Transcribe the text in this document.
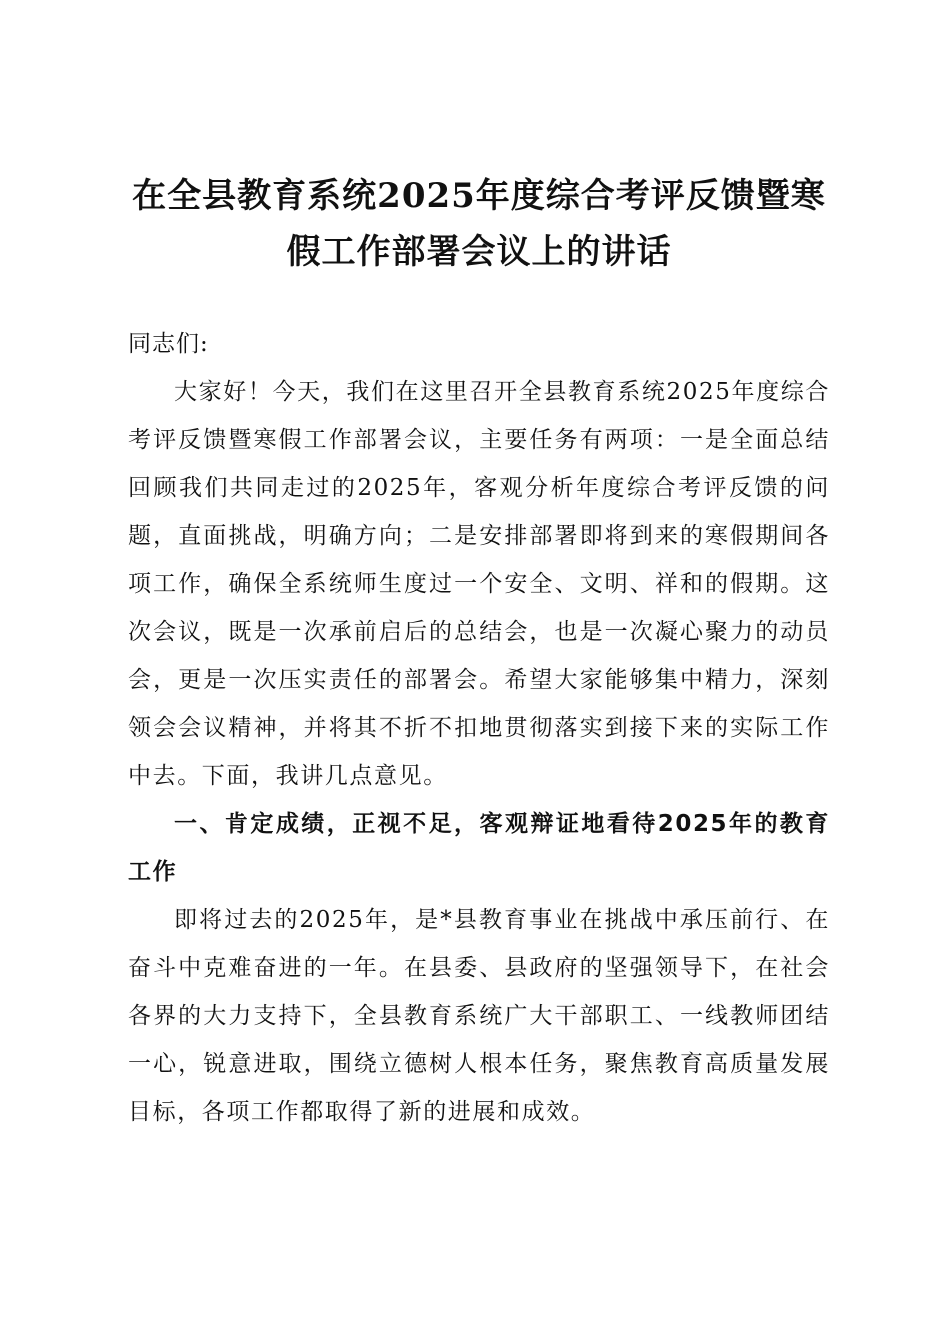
在全县教育系统2025年度综合考评反馈暨寒假工作部署会议上的讲话

同志们:

大家好！今天，我们在这里召开全县教育系统2025年度综合考评反馈暨寒假工作部署会议，主要任务有两项：一是全面总结回顾我们共同走过的2025年，客观分析年度综合考评反馈的问题，直面挑战，明确方向；二是安排部署即将到来的寒假期间各项工作，确保全系统师生度过一个安全、文明、祥和的假期。这次会议，既是一次承前启后的总结会，也是一次凝心聚力的动员会，更是一次压实责任的部署会。希望大家能够集中精力，深刻领会会议精神，并将其不折不扣地贯彻落实到接下来的实际工作中去。下面，我讲几点意见。

一、肯定成绩，正视不足，客观辩证地看待2025年的教育工作

即将过去的2025年，是*县教育事业在挑战中承压前行、在奋斗中克难奋进的一年。在县委、县政府的坚强领导下，在社会各界的大力支持下，全县教育系统广大干部职工、一线教师团结一心，锐意进取，围绕立德树人根本任务，聚焦教育高质量发展目标，各项工作都取得了新的进展和成效。
